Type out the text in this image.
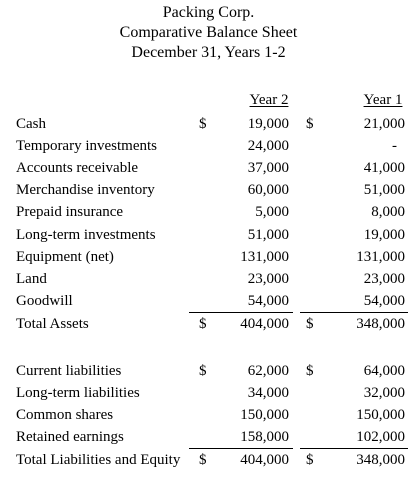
Packing Corp.
Comparative Balance Sheet
December 31, Years 1-2
Year 2	Year 1
Cash	$	19,000 $	21,000
Temporary investments	24,000	-
Accounts receivable	37,000	41,000
Merchandise inventory	60,000	51,000
Prepaid insurance	5,000	8,000
Long-term investments	51,000	19,000
Equipment (net)	131,000	131,000
Land	23,000	23,000
Goodwill	54,000	54,000
Total Assets	$ 404,000 $	348,000
Current liabilities	$	62,000 $	64,000
Long-term liabilities	34,000	32,000
Common shares	150,000	150,000
Retained earnings	158,000	102,000
Total Liabilities and Equity $ 404,000 $	348,000
